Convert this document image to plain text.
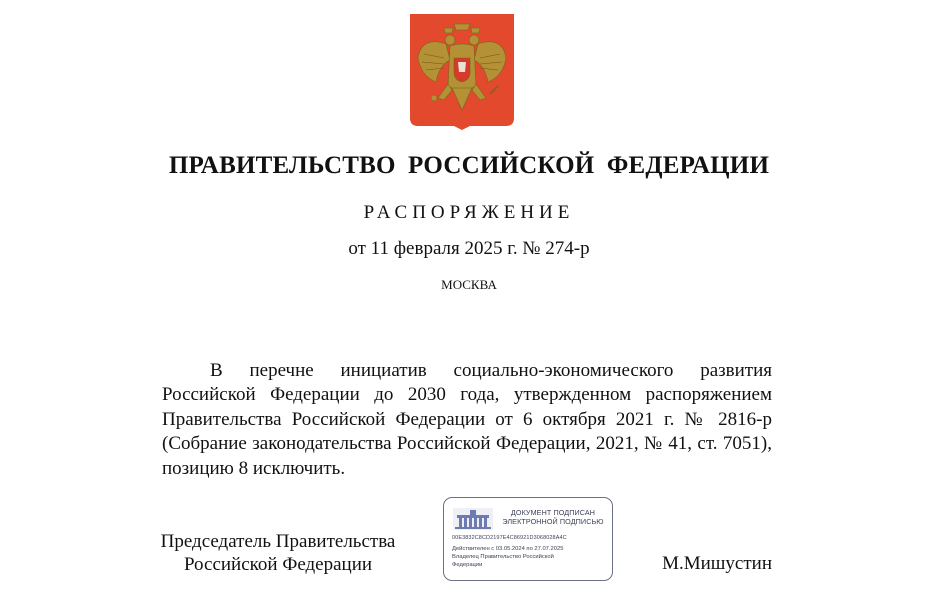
ПРАВИТЕЛЬСТВО РОССИЙСКОЙ ФЕДЕРАЦИИ
РАСПОРЯЖЕНИЕ
от 11 февраля 2025 г. № 274-р
МОСКВА
В перечне инициатив социально-экономического развития
Российской Федерации до 2030 года, утвержденном распоряжением
Правительства Российской Федерации от 6 октября 2021 г. № 2816-р
(Собрание законодательства Российской Федерации, 2021, № 41, ст. 7051),
позицию 8 исключить.
Председатель Правительства
Российской Федерации
ДОКУМЕНТ ПОДПИСАН
ЭЛЕКТРОННОЙ ПОДПИСЬЮ
00E3832C8CD2197E4C86921D3068028A4C
Действителен с 03.05.2024 по 27.07.2025
Владелец Правительство Российской
Федерации	М.Мишустин
